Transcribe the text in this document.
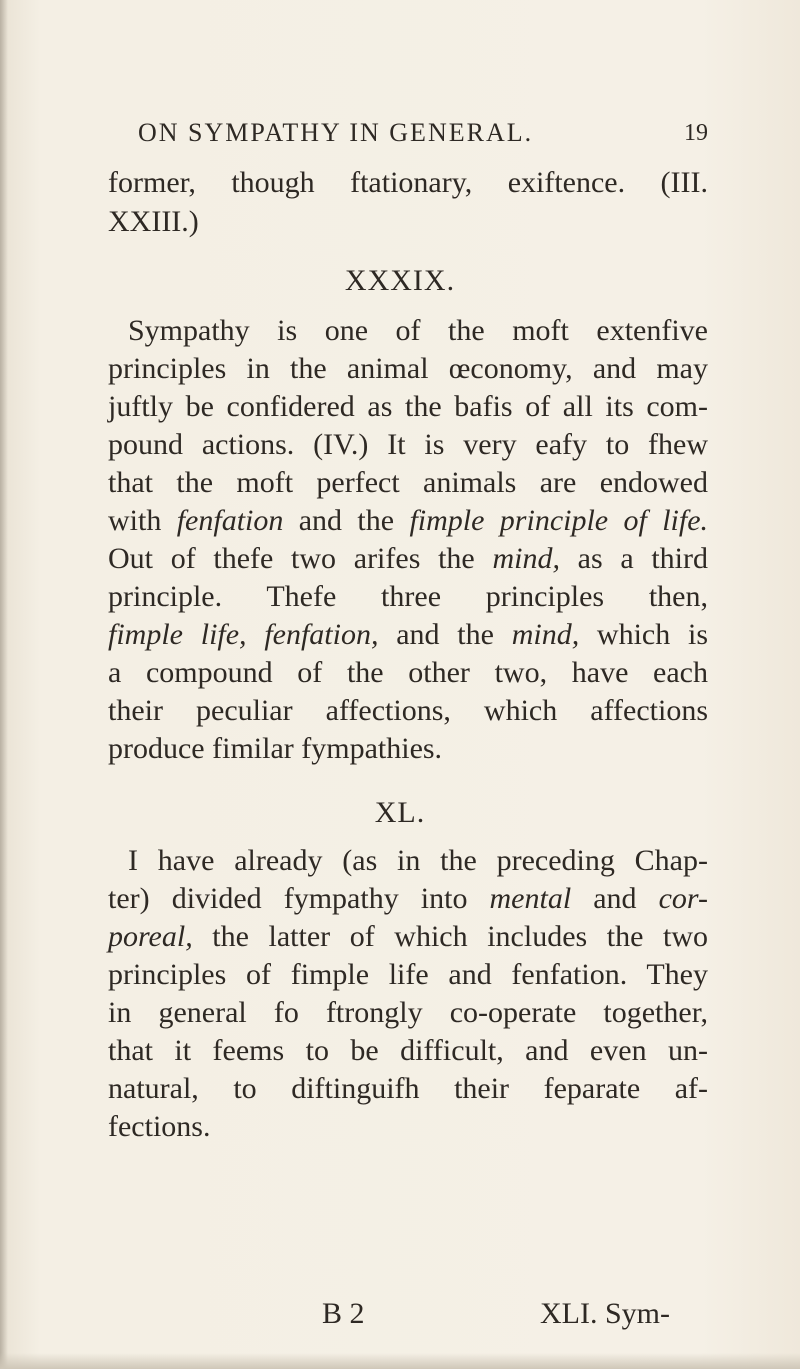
ON SYMPATHY IN GENERAL.	19
former, though ftationary, exiftence. (III.
XXIII.)
XXXIX.
Sympathy is one of the moft extenfive
principles in the animal œconomy, and may
juftly be confidered as the bafis of all its com-
pound actions. (IV.) It is very eafy to fhew
that the moft perfect animals are endowed
with fenfation and the fimple principle of life.
Out of thefe two arifes the mind, as a third
principle. Thefe three principles then,
fimple life, fenfation, and the mind, which is
a compound of the other two, have each
their peculiar affections, which affections
produce fimilar fympathies.
XL.
I have already (as in the preceding Chap-
ter) divided fympathy into mental and cor-
poreal, the latter of which includes the two
principles of fimple life and fenfation. They
in general fo ftrongly co-operate together,
that it feems to be difficult, and even un-
natural, to diftinguifh their feparate af-
fections.
B 2	XLI. Sym-
